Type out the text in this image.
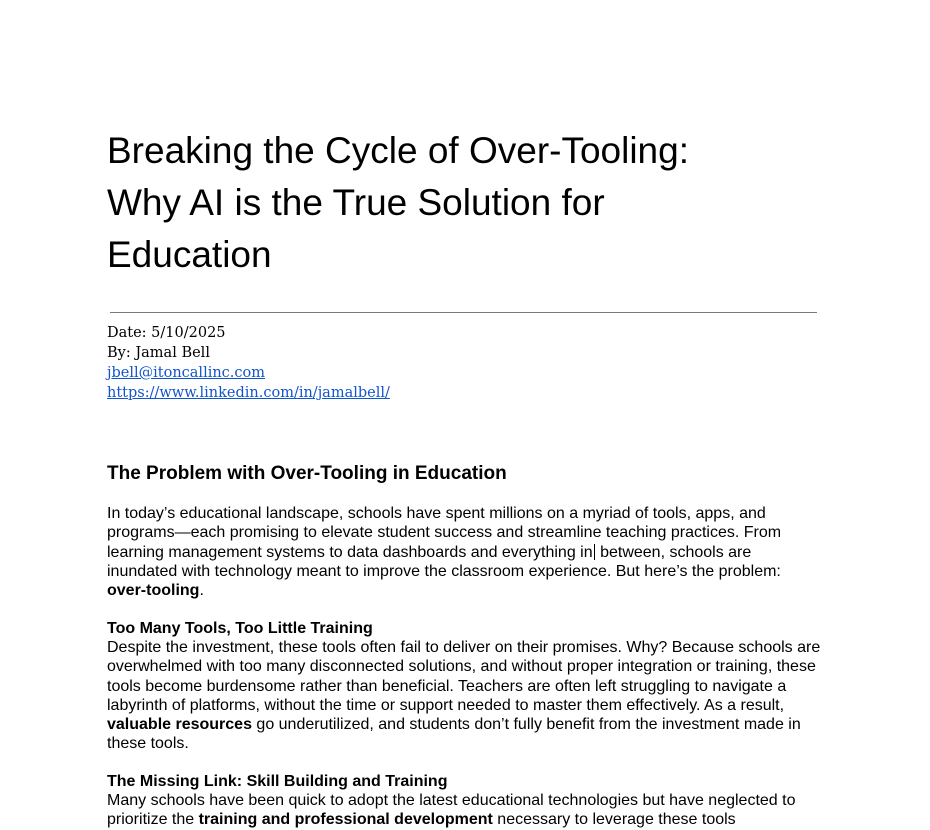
Breaking the Cycle of Over-Tooling:
Why AI is the True Solution for
Education
Date: 5/10/2025
By: Jamal Bell
jbell@itoncallinc.com
https://www.linkedin.com/in/jamalbell/
The Problem with Over-Tooling in Education

In today’s educational landscape, schools have spent millions on a myriad of tools, apps, and programs—each promising to elevate student success and streamline teaching practices. From learning management systems to data dashboards and everything in between, schools are inundated with technology meant to improve the classroom experience. But here’s the problem: over-tooling.

Too Many Tools, Too Little Training

Despite the investment, these tools often fail to deliver on their promises. Why? Because schools are overwhelmed with too many disconnected solutions, and without proper integration or training, these tools become burdensome rather than beneficial. Teachers are often left struggling to navigate a labyrinth of platforms, without the time or support needed to master them effectively. As a result, valuable resources go underutilized, and students don’t fully benefit from the investment made in these tools.

The Missing Link: Skill Building and Training

Many schools have been quick to adopt the latest educational technologies but have neglected to prioritize the training and professional development necessary to leverage these tools
